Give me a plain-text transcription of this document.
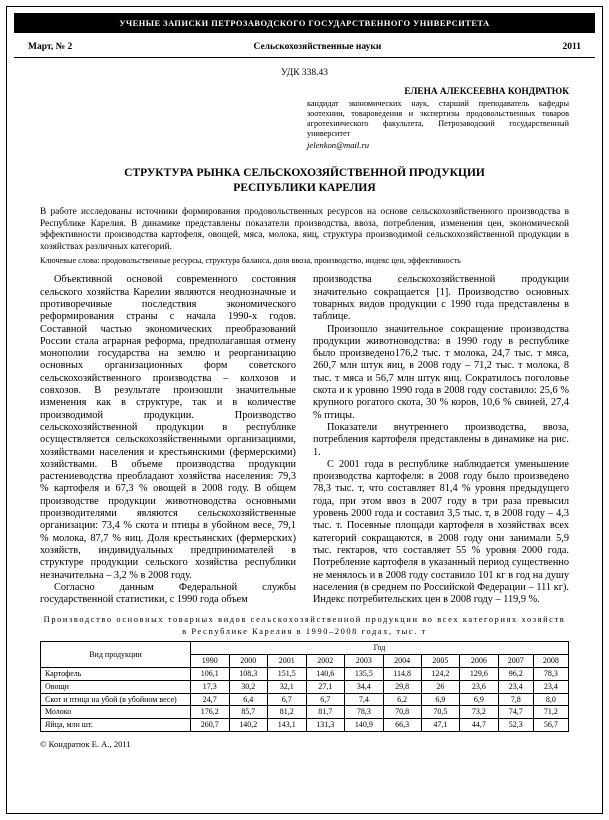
УЧЕНЫЕ ЗАПИСКИ ПЕТРОЗАВОДСКОГО ГОСУДАРСТВЕННОГО УНИВЕРСИТЕТА
Март, № 2	Сельскохозяйственные науки	2011
УДК 338.43
ЕЛЕНА АЛЕКСЕЕВНА КОНДРАТЮК
кандидат экономических наук, старший преподаватель кафедры зоотехнии, товароведения и экспертизы продовольственных товаров агротехнического факультета, Петрозаводский государственный университет
jelenkon@mail.ru
СТРУКТУРА РЫНКА СЕЛЬСКОХОЗЯЙСТВЕННОЙ ПРОДУКЦИИ
РЕСПУБЛИКИ КАРЕЛИЯ

В работе исследованы источники формирования продовольственных ресурсов на основе сельскохозяйственного производства в Республике Карелия. В динамике представлены показатели производства, ввоза, потребления, изменения цен, экономической эффективности производства картофеля, овощей, мяса, молока, яиц, структура производимой сельскохозяйственной продукции в хозяйствах различных категорий.

Ключевые слова: продовольственные ресурсы, структура баланса, доля ввоза, производство, индекс цен, эффективность

Объективной основой современного состояния сельского хозяйства Карелии являются неоднозначные и противоречивые последствия экономического реформирования страны с начала 1990-х годов. Составной частью экономических преобразований России стала аграрная реформа, предполагавшая отмену монополии государства на землю и реорганизацию основных организационных форм советского сельскохозяйственного производства – колхозов и совхозов. В результате произошли значительные изменения как в структуре, так и в количестве производимой продукции. Производство сельскохозяйственной продукции в республике осуществляется сельскохозяйственными организациями, хозяйствами населения и крестьянскими (фермерскими) хозяйствами. В объеме производства продукции растениеводства преобладают хозяйства населения: 79,3 % картофеля и 67,3 % овощей в 2008 году. В общем производстве продукции животноводства основными производителями являются сельскохозяйственные организации: 73,4 % скота и птицы в убойном весе, 79,1 % молока, 87,7 % яиц. Доля крестьянских (фермерских) хозяйств, индивидуальных предпринимателей в структуре продукции сельского хозяйства республики незначительна – 3,2 % в 2008 году.

Согласно данным Федеральной службы государственной статистики, с 1990 года объем

производства сельскохозяйственной продукции значительно сокращается [1]. Производство основных товарных видов продукции с 1990 года представлены в таблице.

Произошло значительное сокращение производства продукции животноводства: в 1990 году в республике было произведено176,2 тыс. т молока, 24,7 тыс. т мяса, 260,7 млн штук яиц, в 2008 году – 71,2 тыс. т молока, 8 тыс. т мяса и 56,7 млн штук яиц. Сократилось поголовье скота и к уровню 1990 года в 2008 году составило: 25,6 % крупного рогатого скота, 30 % коров, 10,6 % свиней, 27,4 % птицы.

Показатели внутреннего производства, ввоза, потребления картофеля представлены в динамике на рис. 1.

С 2001 года в республике наблюдается уменьшение производства картофеля: в 2008 году было произведено 78,3 тыс. т, что составляет 81,4 % уровня предыдущего года, при этом ввоз в 2007 году в три раза превысил уровень 2000 года и составил 3,5 тыс. т, в 2008 году – 4,3 тыс. т. Посевные площади картофеля в хозяйствах всех категорий сокращаются, в 2008 году они занимали 5,9 тыс. гектаров, что составляет 55 % уровня 2000 года. Потребление картофеля в указанный период существенно не менялось и в 2008 году составило 101 кг в год на душу населения (в среднем по Российской Федерации – 111 кг). Индекс потребительских цен в 2008 году – 119,9 %.

Производство основных товарных видов сельскохозяйственной продукции во всех категориях хозяйств в Республике Карелия в 1990–2008 годах, тыс. т
Вид продукции	Год									
	1990	2000	2001	2002	2003	2004	2005	2006	2007	2008
Картофель	106,1	108,3	151,5	140,6	135,5	114,8	124,2	129,6	96,2	78,3
Овощи	17,3	30,2	32,1	27,1	34,4	29,8	26	23,6	23,4	23,4
Скот и птица на убой (в убойном весе)	24,7	6,4	6,7	6,7	7,4	6,2	6,9	6,9	7,8	8,0
Молоко	176,2	85,7	81,2	81,7	78,3	70,8	70,5	73,2	74,7	71,2
Яйца, млн шт.	260,7	140,2	143,1	131,3	140,9	66,3	47,1	44,7	52,3	56,7
© Кондратюк Е. А., 2011
